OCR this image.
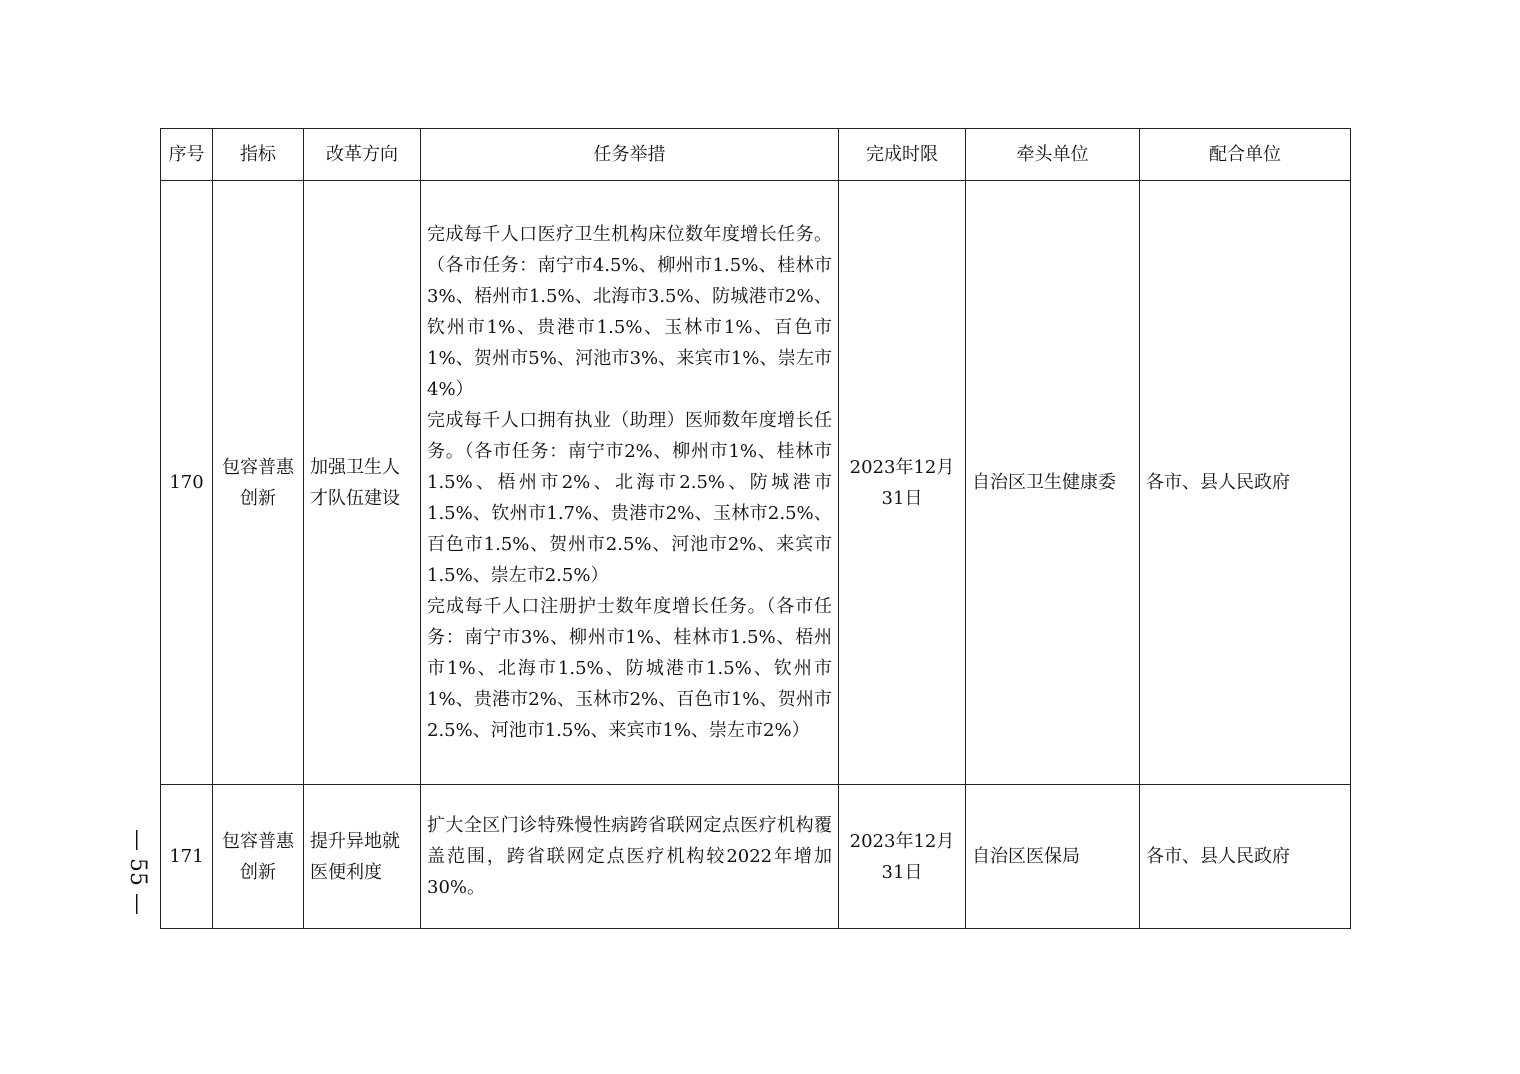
序号	指标	改革方向	任务举措	完成时限	牵头单位	配合单位
170	包容普惠创新	加强卫生人才队伍建设	完成每千人口医疗卫生机构床位数年度增长任务。（各市任务：南宁市4.5%、柳州市1.5%、桂林市3%、梧州市1.5%、北海市3.5%、防城港市2%、钦州市1%、贵港市1.5%、玉林市1%、百色市1%、贺州市5%、河池市3%、来宾市1%、崇左市4%）
完成每千人口拥有执业（助理）医师数年度增长任务。（各市任务：南宁市2%、柳州市1%、桂林市1.5%、梧州市2%、北海市2.5%、防城港市1.5%、钦州市1.7%、贵港市2%、玉林市2.5%、百色市1.5%、贺州市2.5%、河池市2%、来宾市1.5%、崇左市2.5%）
完成每千人口注册护士数年度增长任务。（各市任务：南宁市3%、柳州市1%、桂林市1.5%、梧州市1%、北海市1.5%、防城港市1.5%、钦州市1%、贵港市2%、玉林市2%、百色市1%、贺州市2.5%、河池市1.5%、来宾市1%、崇左市2%）	2023年12月31日	自治区卫生健康委	各市、县人民政府
171	包容普惠创新	提升异地就医便利度	扩大全区门诊特殊慢性病跨省联网定点医疗机构覆盖范围，跨省联网定点医疗机构较2022年增加30%。	2023年12月31日	自治区医保局	各市、县人民政府
— 55 —
